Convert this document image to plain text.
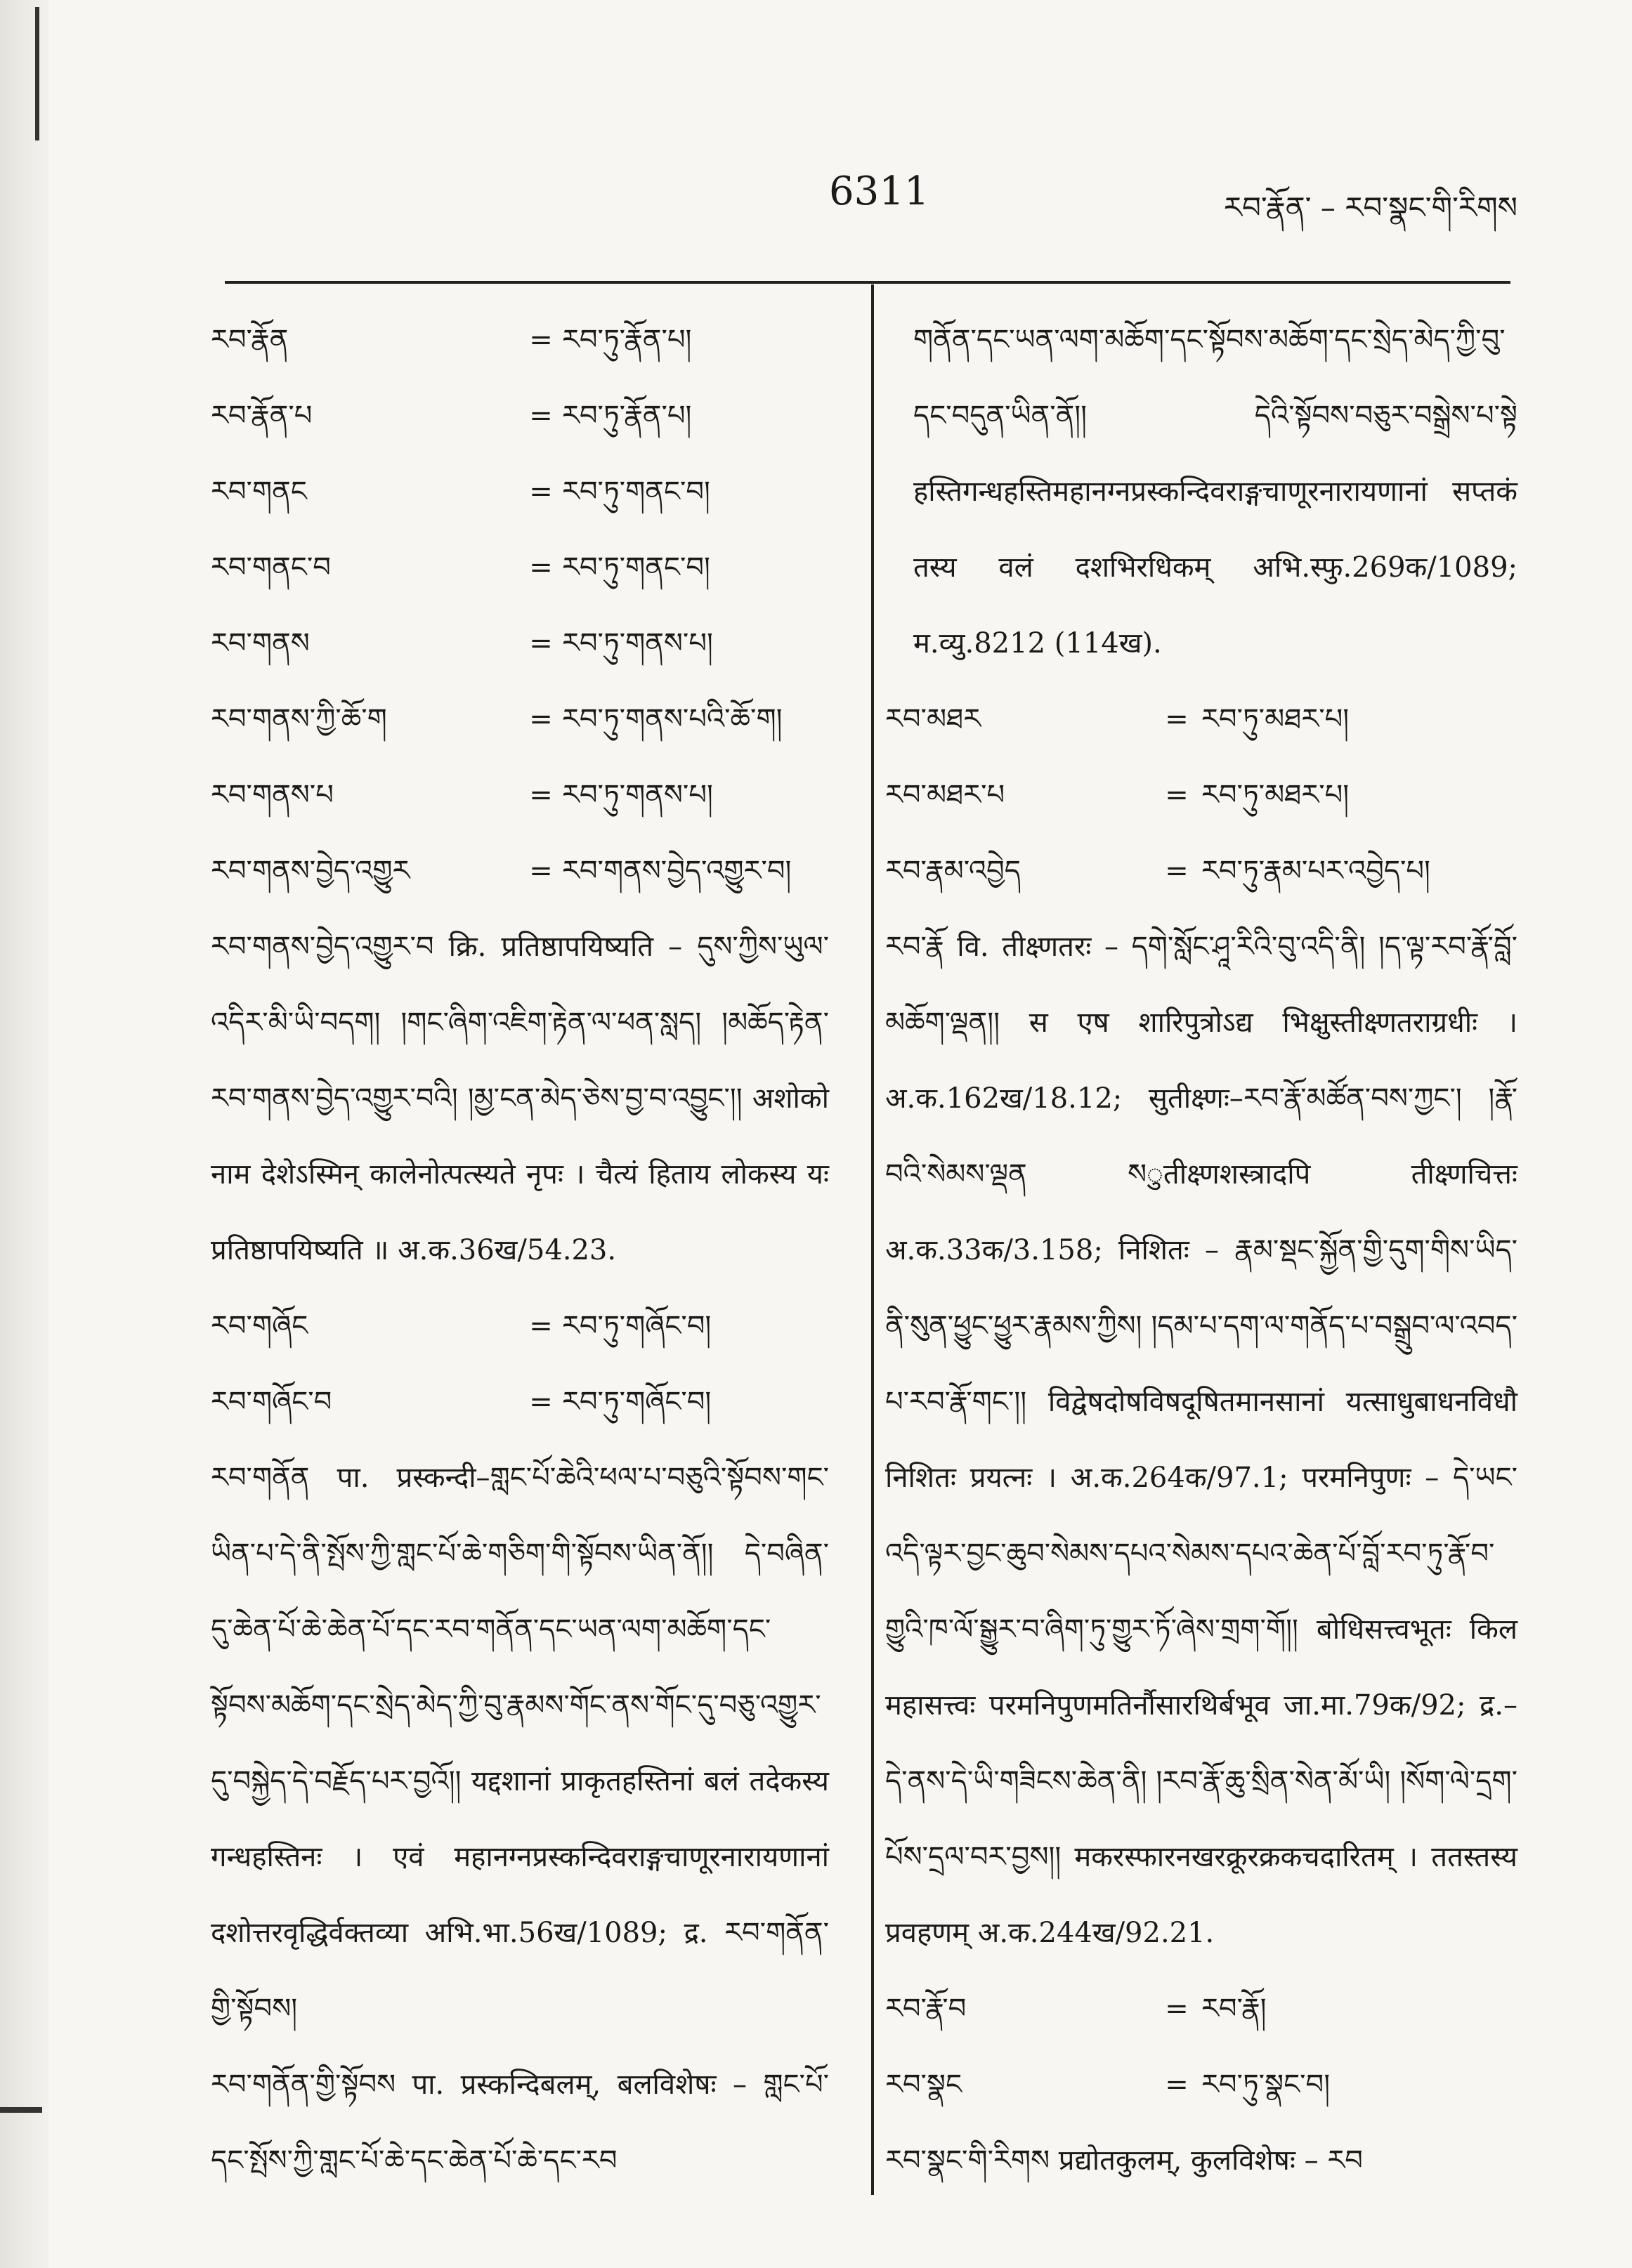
6311	རབ་རྣོན་ – རབ་སྣང་གི་རིགས
རབ་རྣོན	= རབ་ཏུ་རྣོན་པ།
རབ་རྣོན་པ	= རབ་ཏུ་རྣོན་པ།
རབ་གནང	= རབ་ཏུ་གནང་བ།
རབ་གནང་བ	= རབ་ཏུ་གནང་བ།
རབ་གནས	= རབ་ཏུ་གནས་པ།
རབ་གནས་ཀྱི་ཆོ་ག	= རབ་ཏུ་གནས་པའི་ཆོ་ག།
རབ་གནས་པ	= རབ་ཏུ་གནས་པ།
རབ་གནས་བྱེད་འགྱུར	= རབ་གནས་བྱེད་འགྱུར་བ།
རབ་གནས་བྱེད་འགྱུར་བ क्रि. प्रतिष्ठापयिष्यति – དུས་ཀྱིས་ཡུལ་འདིར་མི་ཡི་བདག། །གང་ཞིག་འཇིག་རྟེན་ལ་ཕན་སླད། །མཆོད་རྟེན་རབ་གནས་བྱེད་འགྱུར་བའི། །མྱ་ངན་མེད་ཅེས་བྱ་བ་འབྱུང་།། अशोको नाम देशेऽस्मिन् कालेनोत्पत्स्यते नृपः । चैत्यं हिताय लोकस्य यः प्रतिष्ठापयिष्यति ॥ अ.क.36ख/54.23.
རབ་གཞོང	= རབ་ཏུ་གཞོང་བ།
རབ་གཞོང་བ	= རབ་ཏུ་གཞོང་བ།
རབ་གནོན पा. प्रस्कन्दी–གླང་པོ་ཆེའི་ཕལ་པ་བཅུའི་སྟོབས་གང་ཡིན་པ་དེ་ནི་སྤོས་ཀྱི་གླང་པོ་ཆེ་གཅིག་གི་སྟོབས་ཡིན་ནོ།། དེ་བཞིན་དུ་ཆེན་པོ་ཆེ་ཆེན་པོ་དང་རབ་གནོན་དང་ཡན་ལག་མཆོག་དང་སྟོབས་མཆོག་དང་སྲེད་མེད་ཀྱི་བུ་རྣམས་གོང་ནས་གོང་དུ་བཅུ་འགྱུར་དུ་བསྐྱེད་དེ་བརྗོད་པར་བྱའོ།། यद्दशानां प्राकृतहस्तिनां बलं तदेकस्य गन्धहस्तिनः । एवं महानग्नप्रस्कन्दिवराङ्गचाणूरनारायणानां दशोत्तरवृद्धिर्वक्तव्या अभि.भा.56ख/1089; द्र. རབ་གནོན་གྱི་སྟོབས།
རབ་གནོན་གྱི་སྟོབས पा. प्रस्कन्दिबलम्, बलविशेषः – གླང་པོ་དང་སྤོས་ཀྱི་གླང་པོ་ཆེ་དང་ཆེན་པོ་ཆེ་དང་རབ
གནོན་དང་ཡན་ལག་མཆོག་དང་སྟོབས་མཆོག་དང་སྲེད་མེད་ཀྱི་བུ་དང་བདུན་ཡིན་ནོ།། དེའི་སྟོབས་བཅུར་བསྒྲེས་པ་སྟེ हस्तिगन्धहस्तिमहानग्नप्रस्कन्दिवराङ्गचाणूरनारायणानां सप्तकं तस्य वलं दशभिरधिकम् अभि.स्फु.269क/1089; म.व्यु.8212 (114ख).
རབ་མཐར	= རབ་ཏུ་མཐར་པ།
རབ་མཐར་པ	= རབ་ཏུ་མཐར་པ།
རབ་རྣམ་འབྱེད	= རབ་ཏུ་རྣམ་པར་འབྱེད་པ།
རབ་རྣོ वि. तीक्ष्णतरः – དགེ་སློང་ཤཱ་རིའི་བུ་འདི་ནི། །ད་ལྟ་རབ་རྣོ་བློ་མཆོག་ལྡན།། स एष शारिपुत्रोऽद्य भिक्षुस्तीक्ष्णतराग्रधीः । अ.क.162ख/18.12; सुतीक्ष्णः–རབ་རྣོ་མཚོན་བས་ཀྱང་། །རྣོ་བའི་སེམས་ལྡན སुतीक्ष्णशस्त्रादपि तीक्ष्णचित्तः अ.क.33क/3.158; निशितः – རྣམ་སྡང་སྐྱོན་གྱི་དུག་གིས་ཡིད་ནི་སུན་ཕྱུང་ཕྱུར་རྣམས་ཀྱིས། །དམ་པ་དག་ལ་གནོད་པ་བསྒྲུབ་ལ་འབད་པ་རབ་རྣོ་གང་།། विद्वेषदोषविषदूषितमानसानां यत्साधुबाधनविधौ निशितः प्रयत्नः । अ.क.264क/97.1; परमनिपुणः – དེ་ཡང་འདི་ལྟར་བྱང་ཆུབ་སེམས་དཔའ་སེམས་དཔའ་ཆེན་པོ་བློ་རབ་ཏུ་རྣོ་བ་གྱུའི་ཁ་ལོ་སྒྱུར་བ་ཞིག་ཏུ་གྱུར་ཏོ་ཞེས་གྲག་གོ།། बोधिसत्त्वभूतः किल महासत्त्वः परमनिपुणमतिर्नौसारथिर्बभूव जा.मा.79क/92; द्र.– དེ་ནས་དེ་ཡི་གཟིངས་ཆེན་ནི། །རབ་རྣོ་ཆུ་སྲིན་སེན་མོ་ཡི། །སོག་ལེ་དྲག་པོས་དྲལ་བར་བྱས།། मकरस्फारनखरक्रूरक्रकचदारितम् । ततस्तस्य प्रवहणम् अ.क.244ख/92.21.
རབ་རྣོ་བ	= རབ་རྣོ།
རབ་སྣང	= རབ་ཏུ་སྣང་བ།
རབ་སྣང་གི་རིགས प्रद्योतकुलम्, कुलविशेषः – རབ
